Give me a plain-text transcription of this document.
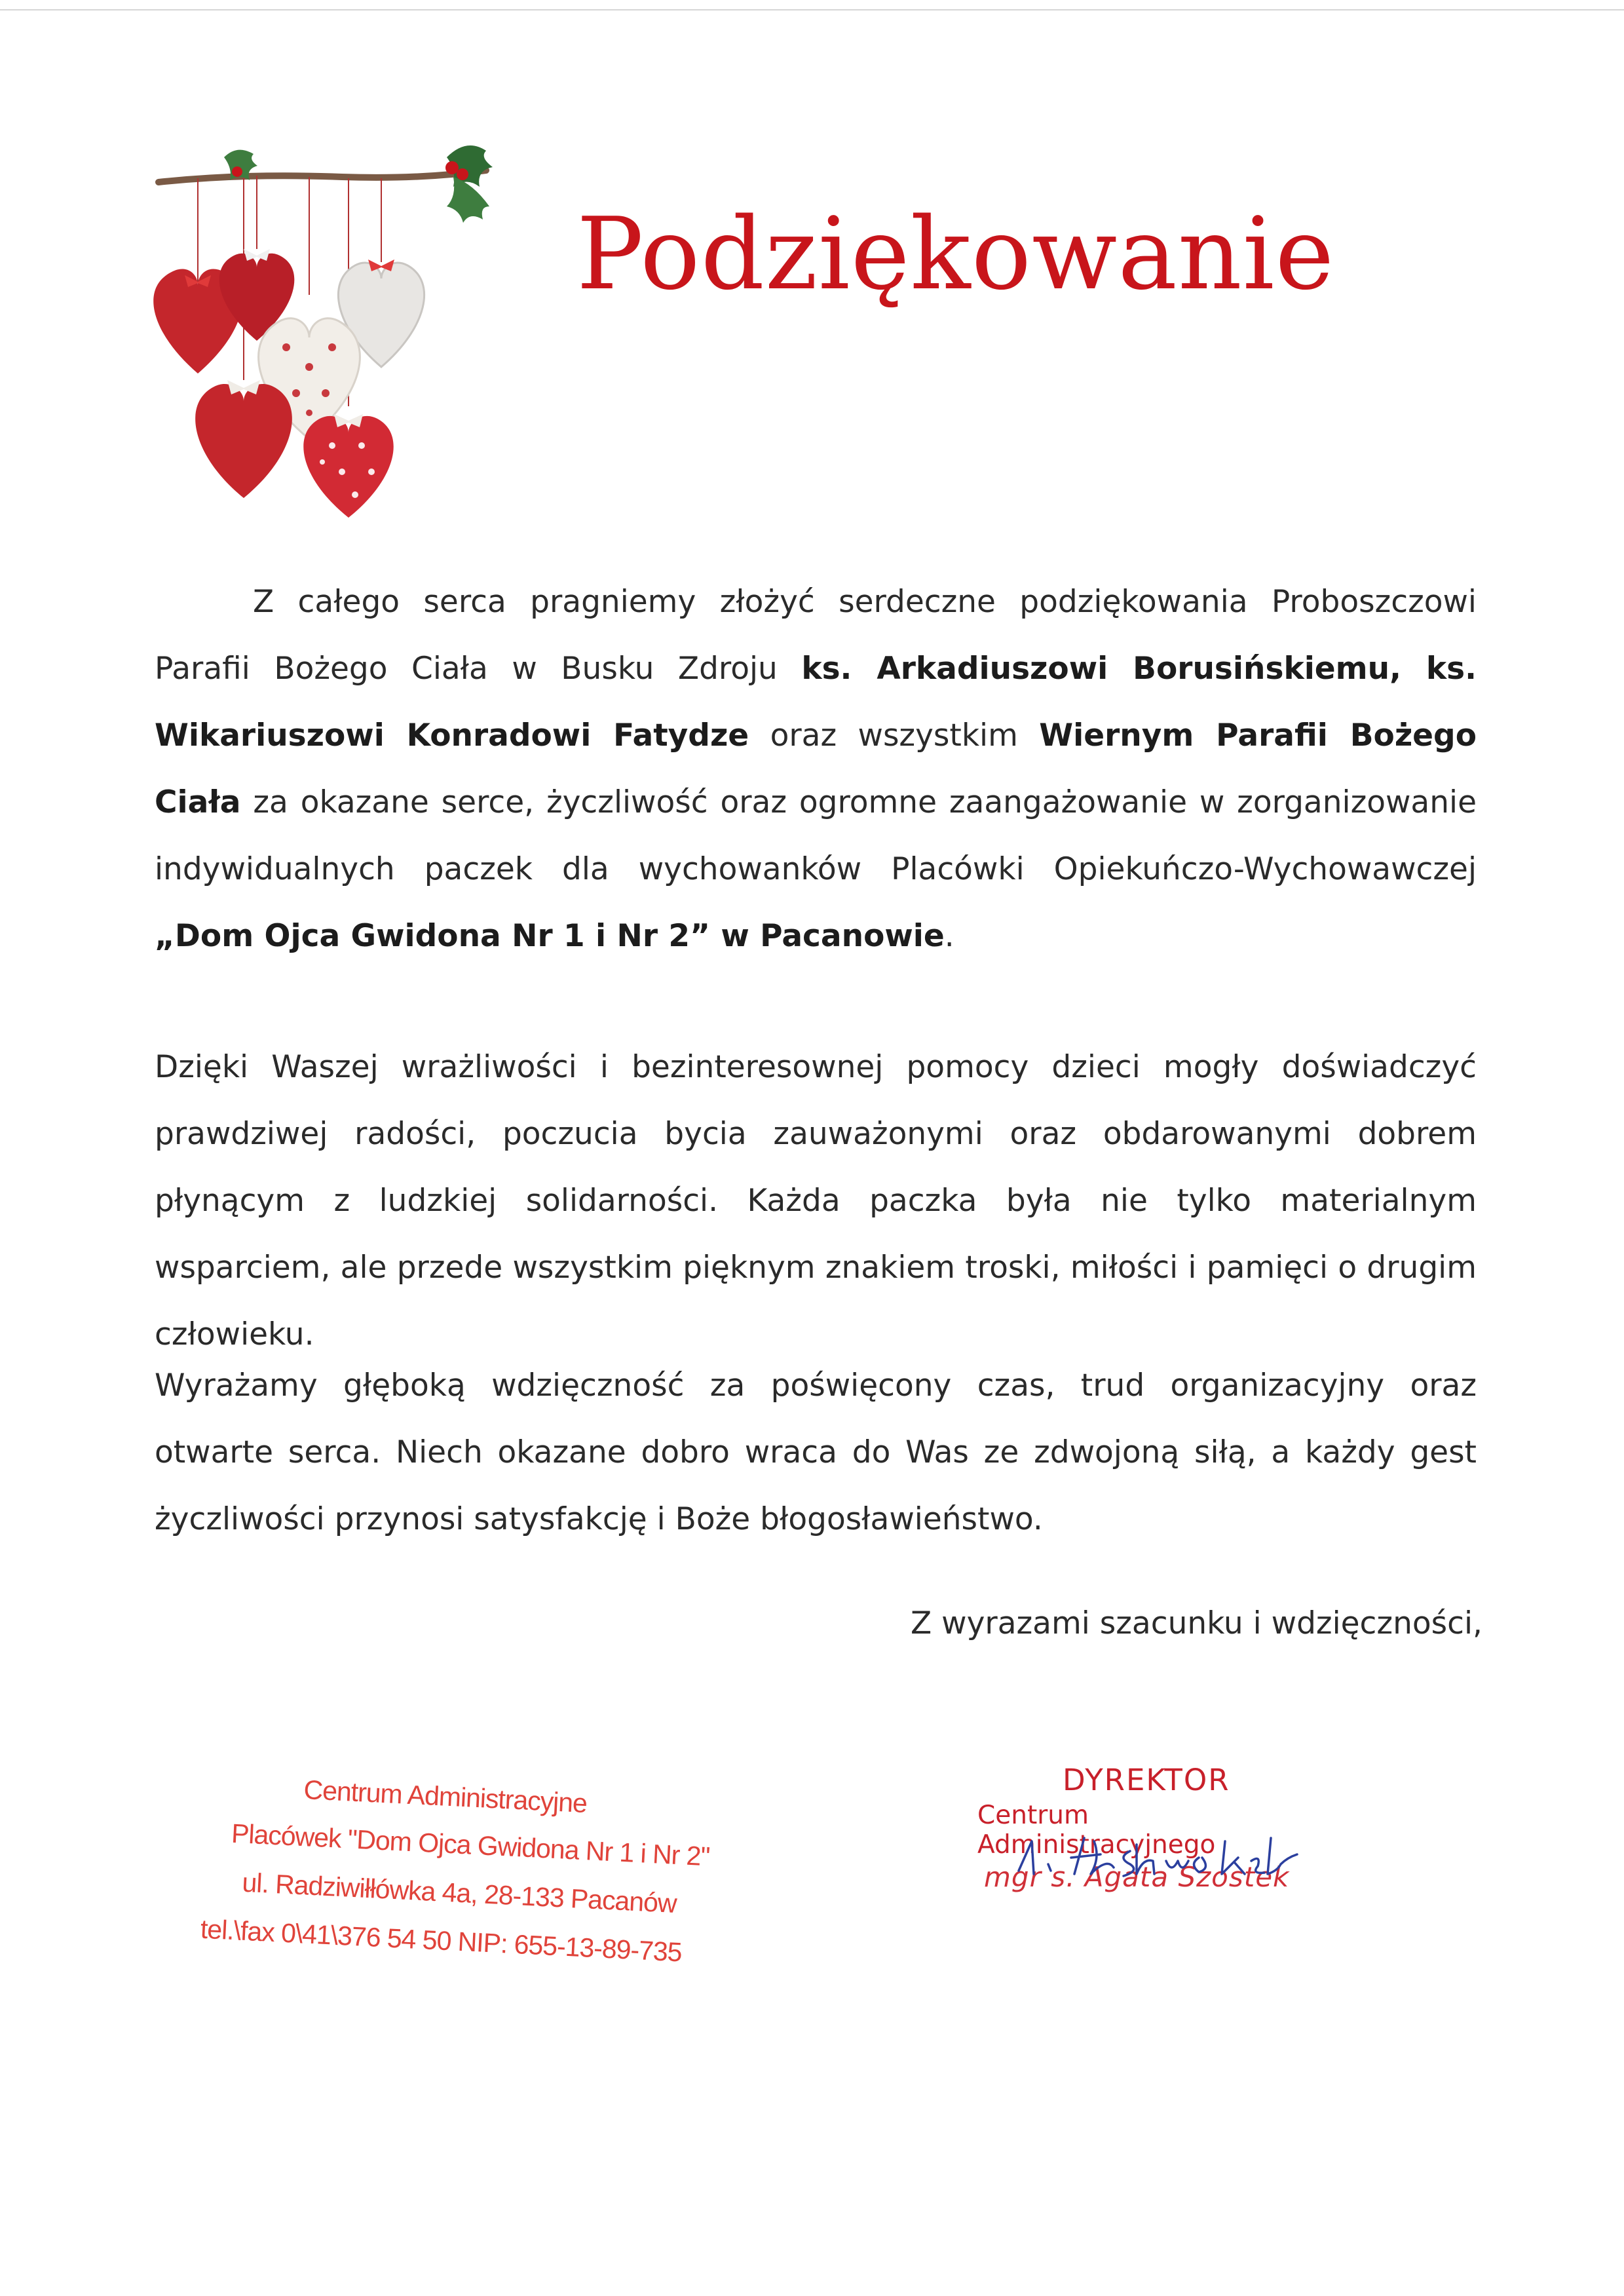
Podziękowanie
Z całego serca pragniemy złożyć serdeczne podziękowania Proboszczowi Parafii Bożego Ciała w Busku Zdroju ks. Arkadiuszowi Borusińskiemu, ks. Wikariuszowi Konradowi Fatydze oraz wszystkim Wiernym Parafii Bożego Ciała za okazane serce, życzliwość oraz ogromne zaangażowanie w zorganizowanie indywidualnych paczek dla wychowanków Placówki Opiekuńczo-Wychowawczej „Dom Ojca Gwidona Nr 1 i Nr 2” w Pacanowie.
Dzięki Waszej wrażliwości i bezinteresownej pomocy dzieci mogły doświadczyć prawdziwej radości, poczucia bycia zauważonymi oraz obdarowanymi dobrem płynącym z ludzkiej solidarności. Każda paczka była nie tylko materialnym wsparciem, ale przede wszystkim pięknym znakiem troski, miłości i pamięci o drugim człowieku.
Wyrażamy głęboką wdzięczność za poświęcony czas, trud organizacyjny oraz otwarte serca. Niech okazane dobro wraca do Was ze zdwojoną siłą, a każdy gest życzliwości przynosi satysfakcję i Boże błogosławieństwo.
Z wyrazami szacunku i wdzięczności,
Centrum Administracyjne
Placówek "Dom Ojca Gwidona Nr 1 i Nr 2"
ul. Radziwiłłówka 4a, 28-133 Pacanów
tel.\fax 0\41\376 54 50 NIP: 655-13-89-735
DYREKTOR
Centrum Administracyjnego
mgr s. Agata Szostek
